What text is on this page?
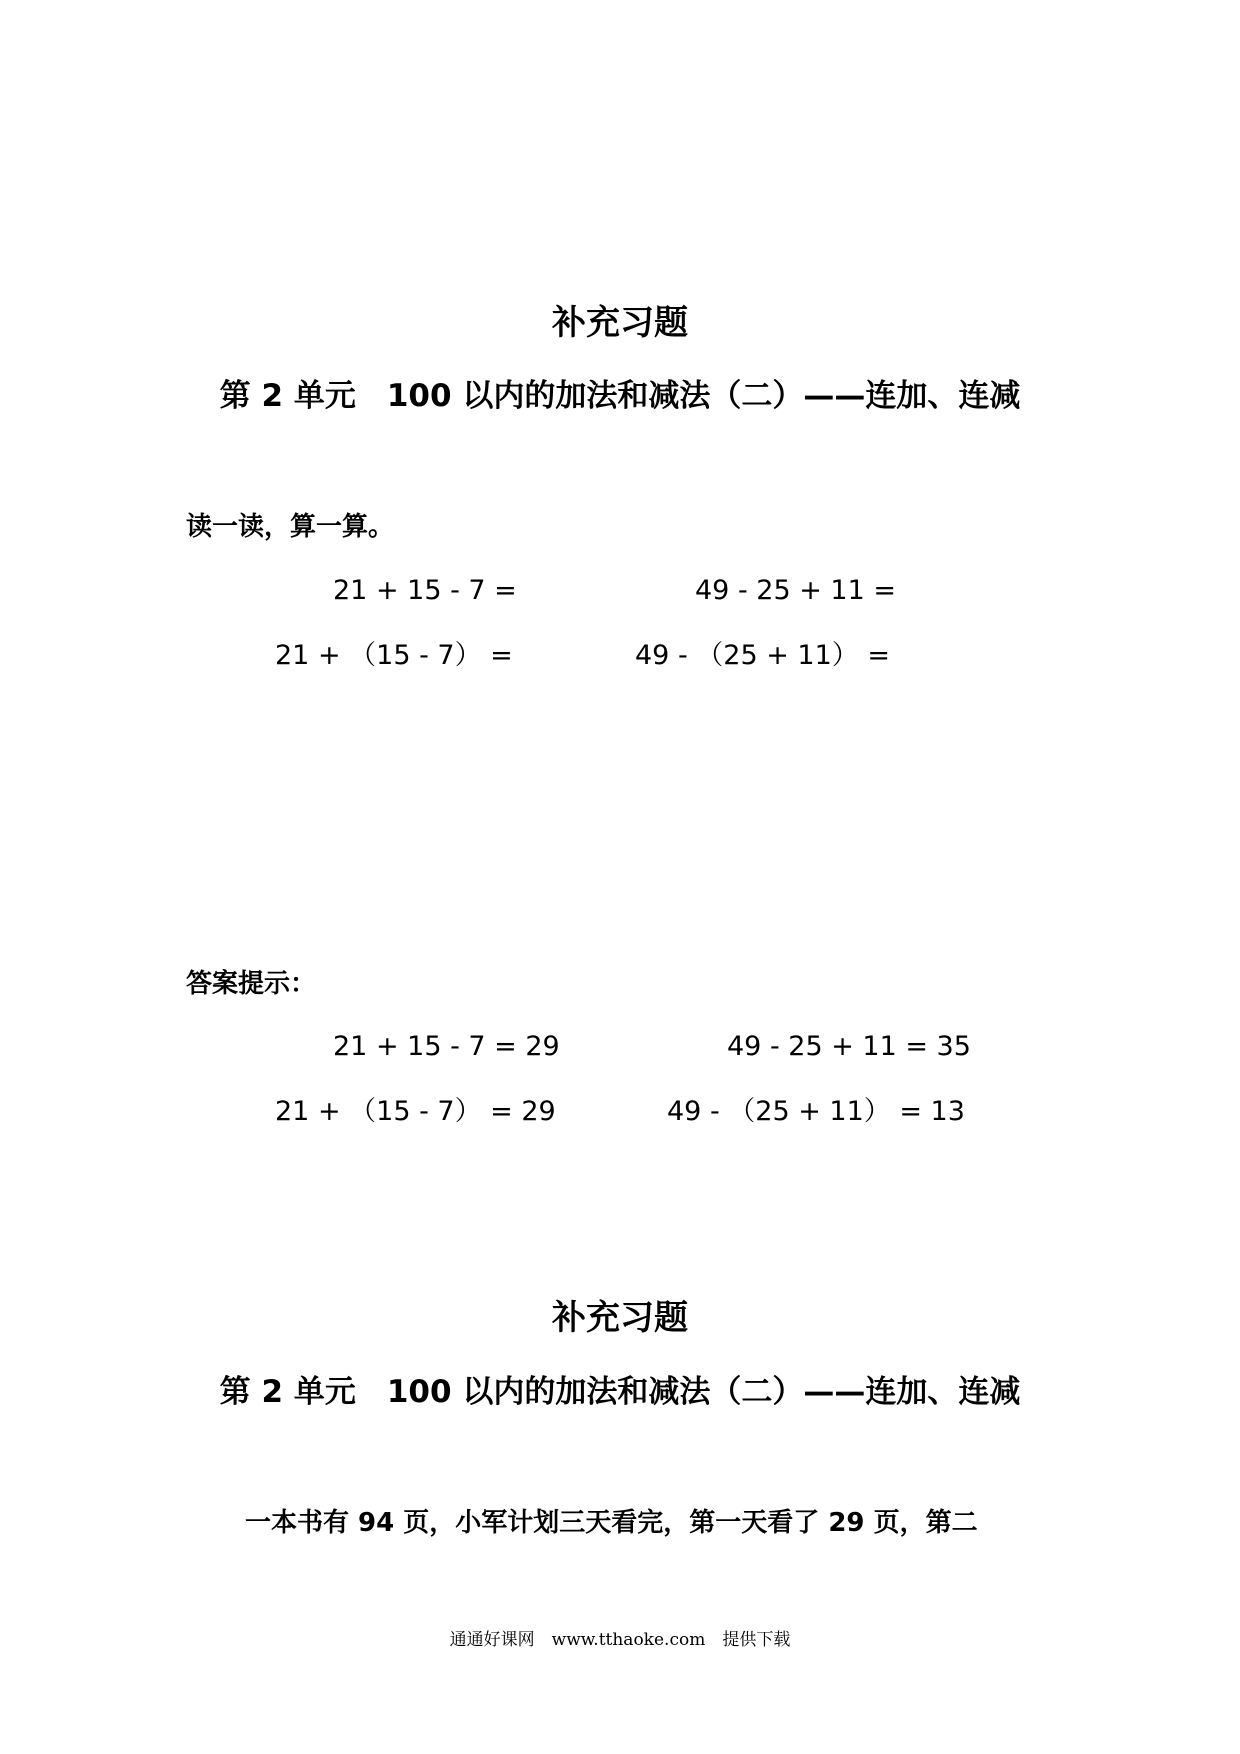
补充习题
第 2 单元　100 以内的加法和减法（二）——连加、连减
读一读，算一算。
21 + 15 - 7 =	49 - 25 + 11 =
21 + （15 - 7） =	49 - （25 + 11） =
答案提示：
21 + 15 - 7 = 29	49 - 25 + 11 = 35
21 + （15 - 7） = 29	49 - （25 + 11） = 13
补充习题
第 2 单元　100 以内的加法和减法（二）——连加、连减
一本书有 94 页，小军计划三天看完，第一天看了 29 页，第二
通通好课网　www.tthaoke.com　提供下载
